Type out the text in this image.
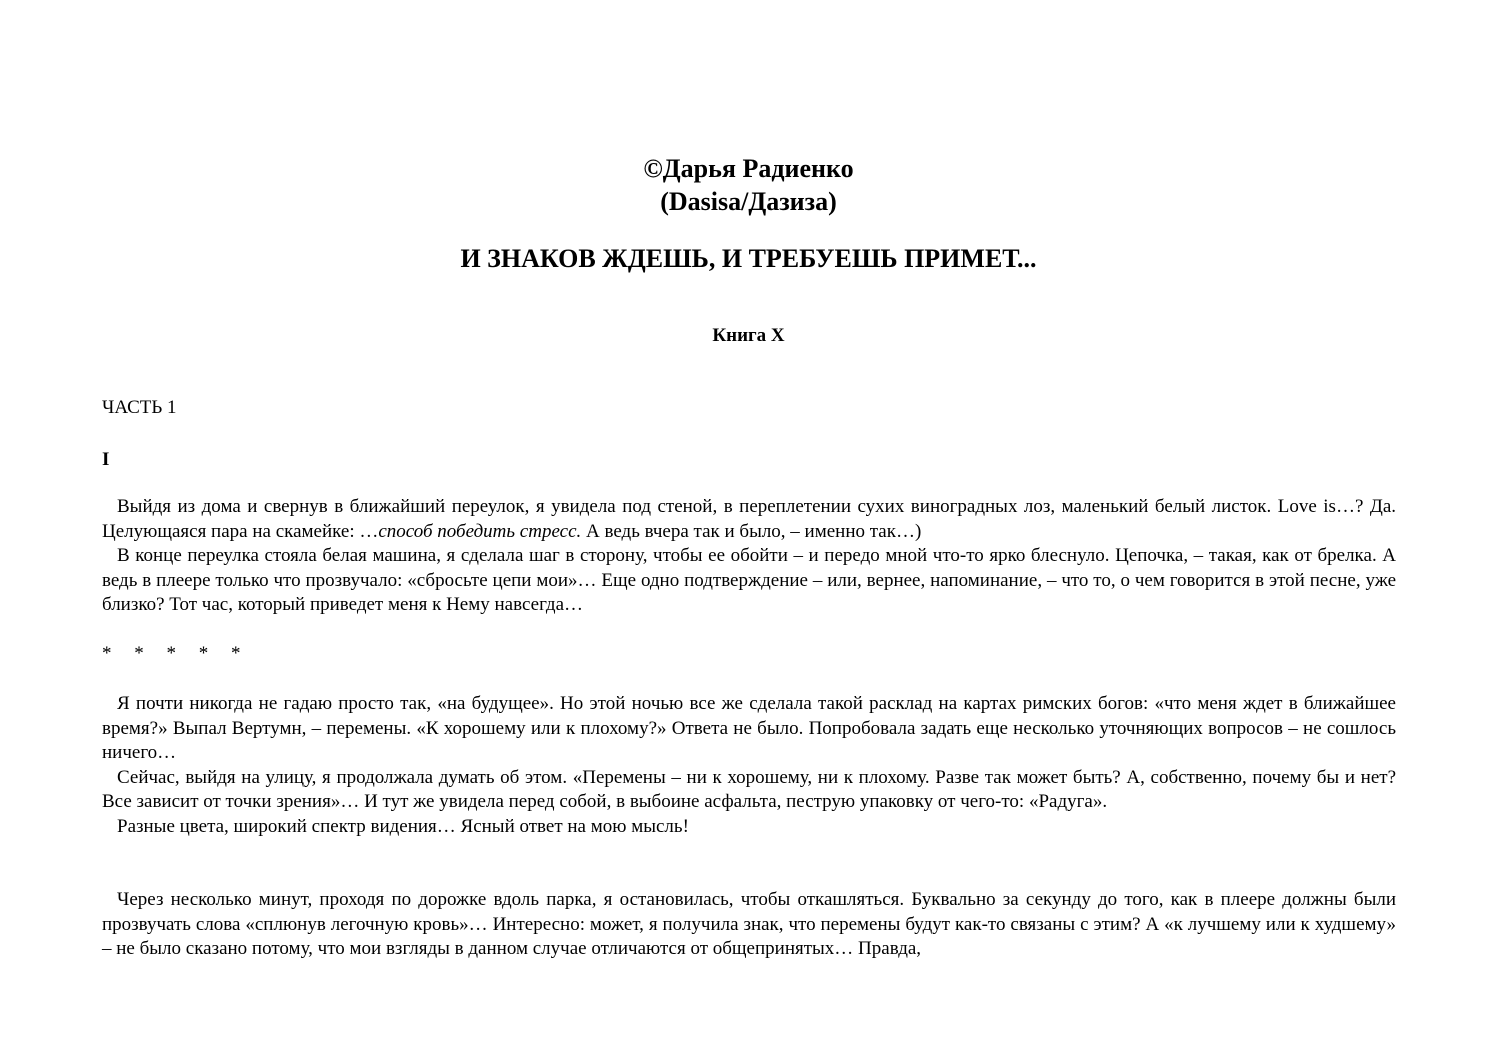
©Дарья Радиенко
(Dasisa/Дазиза)
И ЗНАКОВ ЖДЕШЬ, И ТРЕБУЕШЬ ПРИМЕТ...
Книга X
ЧАСТЬ 1
I

Выйдя из дома и свернув в ближайший переулок, я увидела под стеной, в переплетении сухих виноградных лоз, маленький белый листок. Love is…? Да. Целующаяся пара на скамейке: …способ победить стресс. А ведь вчера так и было, – именно так…)

В конце переулка стояла белая машина, я сделала шаг в сторону, чтобы ее обойти – и передо мной что-то ярко блеснуло. Цепочка, – такая, как от брелка. А ведь в плеере только что прозвучало: «сбросьте цепи мои»… Еще одно подтверждение – или, вернее, напоминание, – что то, о чем говорится в этой песне, уже близко? Тот час, который приведет меня к Нему навсегда…

* * * * *

Я почти никогда не гадаю просто так, «на будущее». Но этой ночью все же сделала такой расклад на картах римских богов: «что меня ждет в ближайшее время?» Выпал Вертумн, – перемены. «К хорошему или к плохому?» Ответа не было. Попробовала задать еще несколько уточняющих вопросов – не сошлось ничего…

Сейчас, выйдя на улицу, я продолжала думать об этом. «Перемены – ни к хорошему, ни к плохому. Разве так может быть? А, собственно, почему бы и нет? Все зависит от точки зрения»… И тут же увидела перед собой, в выбоине асфальта, пеструю упаковку от чего-то: «Радуга».

Разные цвета, широкий спектр видения… Ясный ответ на мою мысль!

Через несколько минут, проходя по дорожке вдоль парка, я остановилась, чтобы откашляться. Буквально за секунду до того, как в плеере должны были прозвучать слова «сплюнув легочную кровь»… Интересно: может, я получила знак, что перемены будут как-то связаны с этим? А «к лучшему или к худшему» – не было сказано потому, что мои взгляды в данном случае отличаются от общепринятых… Правда,
